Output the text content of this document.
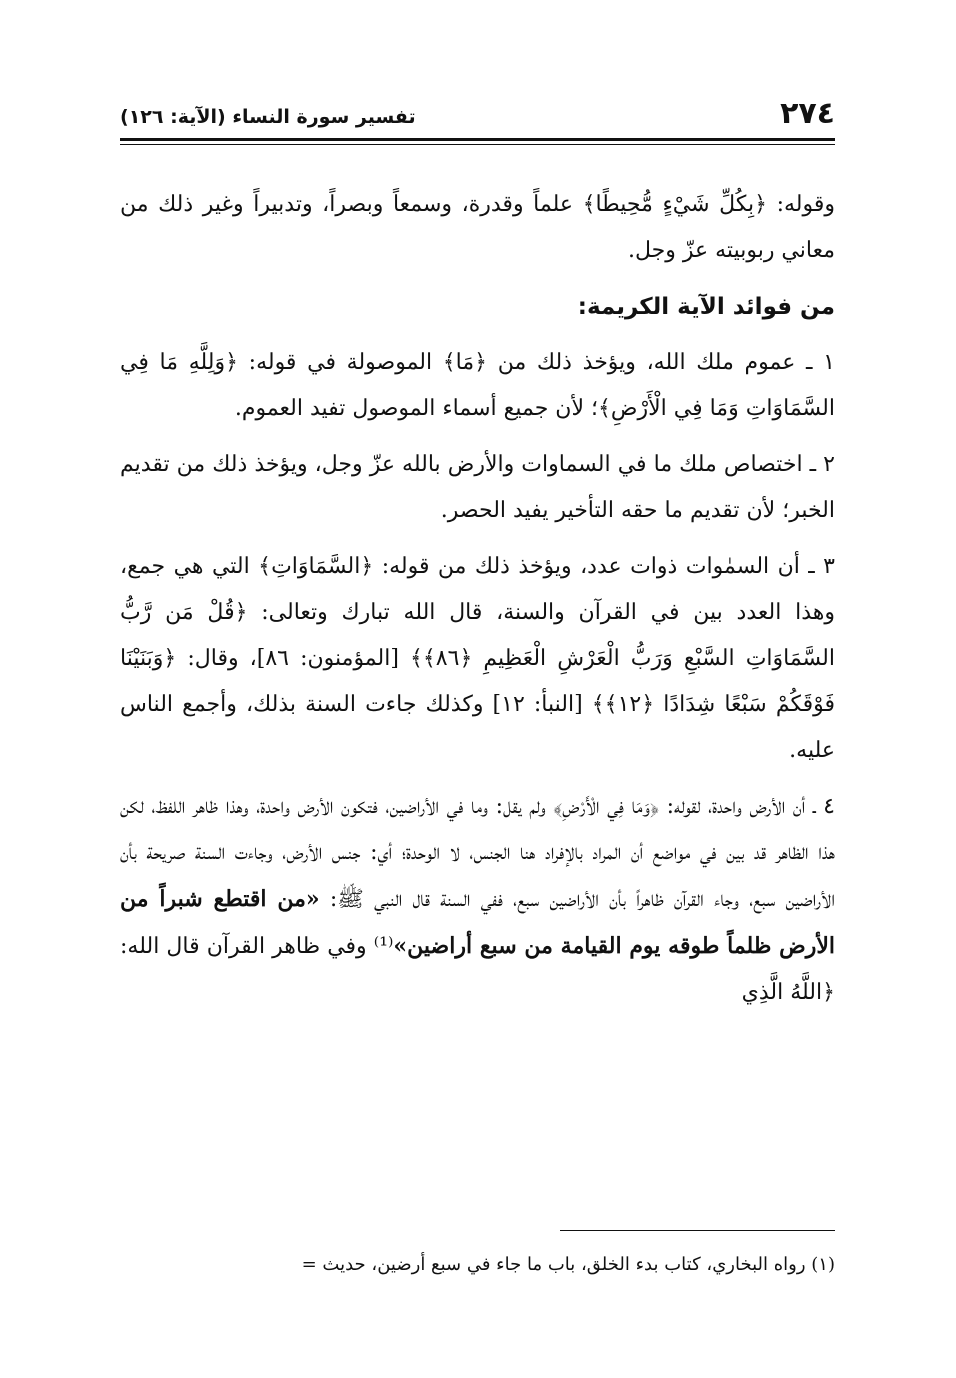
٢٧٤
تفسير سورة النساء (الآية: ١٢٦)

وقوله: ﴿بِكُلِّ شَيْءٍ مُّحِيطًا﴾ علماً وقدرة، وسمعاً وبصراً، وتدبيراً وغير ذلك من معاني ربوبيته عزّ وجل.

من فوائد الآية الكريمة:

١ ـ عموم ملك الله، ويؤخذ ذلك من ﴿مَا﴾ الموصولة في قوله: ﴿وَلِلَّهِ مَا فِي السَّمَاوَاتِ وَمَا فِي الْأَرْضِ﴾؛ لأن جميع أسماء الموصول تفيد العموم.

٢ ـ اختصاص ملك ما في السماوات والأرض بالله عزّ وجل، ويؤخذ ذلك من تقديم الخبر؛ لأن تقديم ما حقه التأخير يفيد الحصر.

٣ ـ أن السمٰوات ذوات عدد، ويؤخذ ذلك من قوله: ﴿السَّمَاوَاتِ﴾ التي هي جمع، وهذا العدد بين في القرآن والسنة، قال الله تبارك وتعالى: ﴿قُلْ مَن رَّبُّ السَّمَاوَاتِ السَّبْعِ وَرَبُّ الْعَرْشِ الْعَظِيمِ ﴿٨٦﴾﴾ [المؤمنون: ٨٦]، وقال: ﴿وَبَنَيْنَا فَوْقَكُمْ سَبْعًا شِدَادًا ﴿١٢﴾﴾ [النبأ: ١٢] وكذلك جاءت السنة بذلك، وأجمع الناس عليه.

٤ ـ أن الأرض واحدة، لقوله: ﴿وَمَا فِي الْأَرْضِ﴾ ولم يقل: وما في الأراضين، فتكون الأرض واحدة، وهذا ظاهر اللفظ، لكن هذا الظاهر قد بين في مواضع أن المراد بالإفراد هنا الجنس، لا الوحدة؛ أي: جنس الأرض، وجاءت السنة صريحة بأن الأراضين سبع، وجاء القرآن ظاهراً بأن الأراضين سبع، ففي السنة قال النبي ﷺ: «من اقتطع شبراً من الأرض ظلماً طوقه يوم القيامة من سبع أراضين»⁽¹⁾ وفي ظاهر القرآن قال الله: ﴿اللَّهُ الَّذِي

(١) رواه البخاري، كتاب بدء الخلق، باب ما جاء في سبع أرضين، حديث =
